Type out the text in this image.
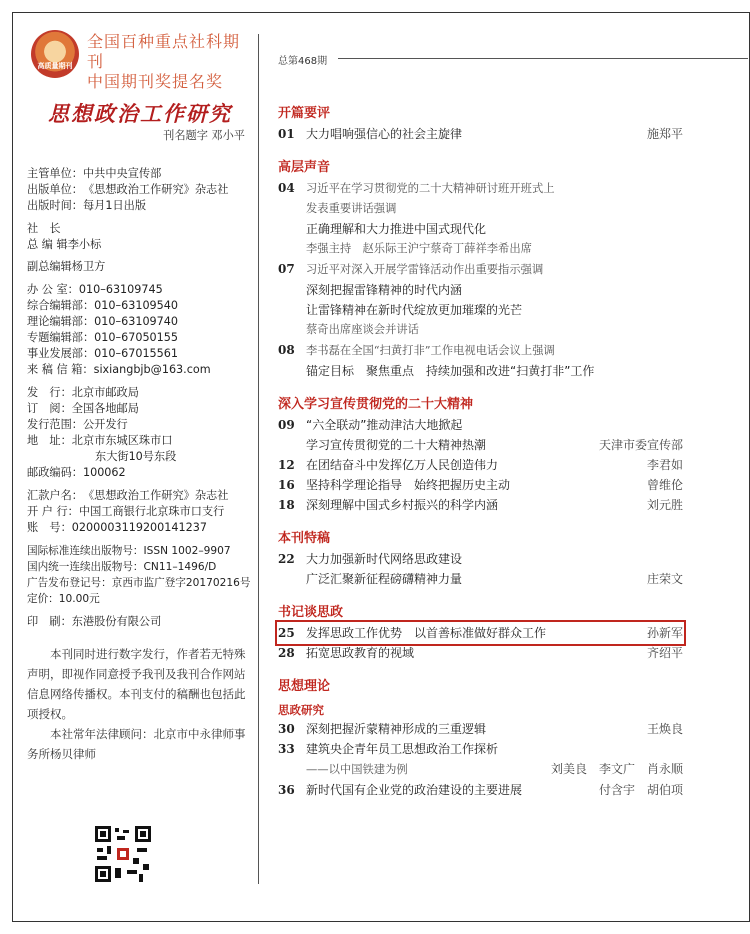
高质量期刊
全国百种重点社科期刊
中国期刊奖提名奖
思想政治工作研究
刊名题字 邓小平
主管单位： 中共中央宣传部
出版单位： 《思想政治工作研究》杂志社
出版时间： 每月1日出版
社　长
总 编 辑 李小标
副总编辑 杨卫方
办 公 室： 010–63109745
综合编辑部： 010–63109540
理论编辑部： 010–63109740
专题编辑部： 010–67050155
事业发展部： 010–67015561
来 稿 信 箱： sixiangbjb@163.com
发　行： 北京市邮政局
订　阅： 全国各地邮局
发行范围： 公开发行
地　址： 北京市东城区珠市口
东大街10号东段
邮政编码： 100062
汇款户名： 《思想政治工作研究》杂志社
开 户 行： 中国工商银行北京珠市口支行
账　号： 0200003119200141237
国际标准连续出版物号： ISSN 1002–9907
国内统一连续出版物号： CN11–1496/D
广告发布登记号： 京西市监广登字20170216号
定价： 10.00元
印　刷： 东港股份有限公司
本刊同时进行数字发行，作者若无特殊声明，即视作同意授予我刊及我刊合作网站信息网络传播权。本刊支付的稿酬也包括此项授权。
本社常年法律顾问：北京市中永律师事务所杨贝律师
总第468期
开篇要评
01 大力唱响强信心的社会主旋律	施郑平
高层声音
04 习近平在学习贯彻党的二十大精神研讨班开班式上
发表重要讲话强调
正确理解和大力推进中国式现代化
李强主持　赵乐际王沪宁蔡奇丁薛祥李希出席
07 习近平对深入开展学雷锋活动作出重要指示强调
深刻把握雷锋精神的时代内涵
让雷锋精神在新时代绽放更加璀璨的光芒
蔡奇出席座谈会并讲话
08 李书磊在全国“扫黄打非”工作电视电话会议上强调
锚定目标　聚焦重点　持续加强和改进“扫黄打非”工作
深入学习宣传贯彻党的二十大精神
09 “六全联动”推动津沽大地掀起
学习宣传贯彻党的二十大精神热潮	天津市委宣传部
12 在团结奋斗中发挥亿万人民创造伟力	李君如
16 坚持科学理论指导　始终把握历史主动	曾维伦
18 深刻理解中国式乡村振兴的科学内涵	刘元胜
本刊特稿
22 大力加强新时代网络思政建设
广泛汇聚新征程磅礴精神力量	庄荣文
书记谈思政
25 发挥思政工作优势　以首善标准做好群众工作	孙新军
28 拓宽思政教育的视域	齐绍平
思想理论
思政研究
30 深刻把握沂蒙精神形成的三重逻辑	王焕良
33 建筑央企青年员工思想政治工作探析
——以中国铁建为例	刘美良　李文广　肖永顺
36 新时代国有企业党的政治建设的主要进展	付含宇　胡伯项
